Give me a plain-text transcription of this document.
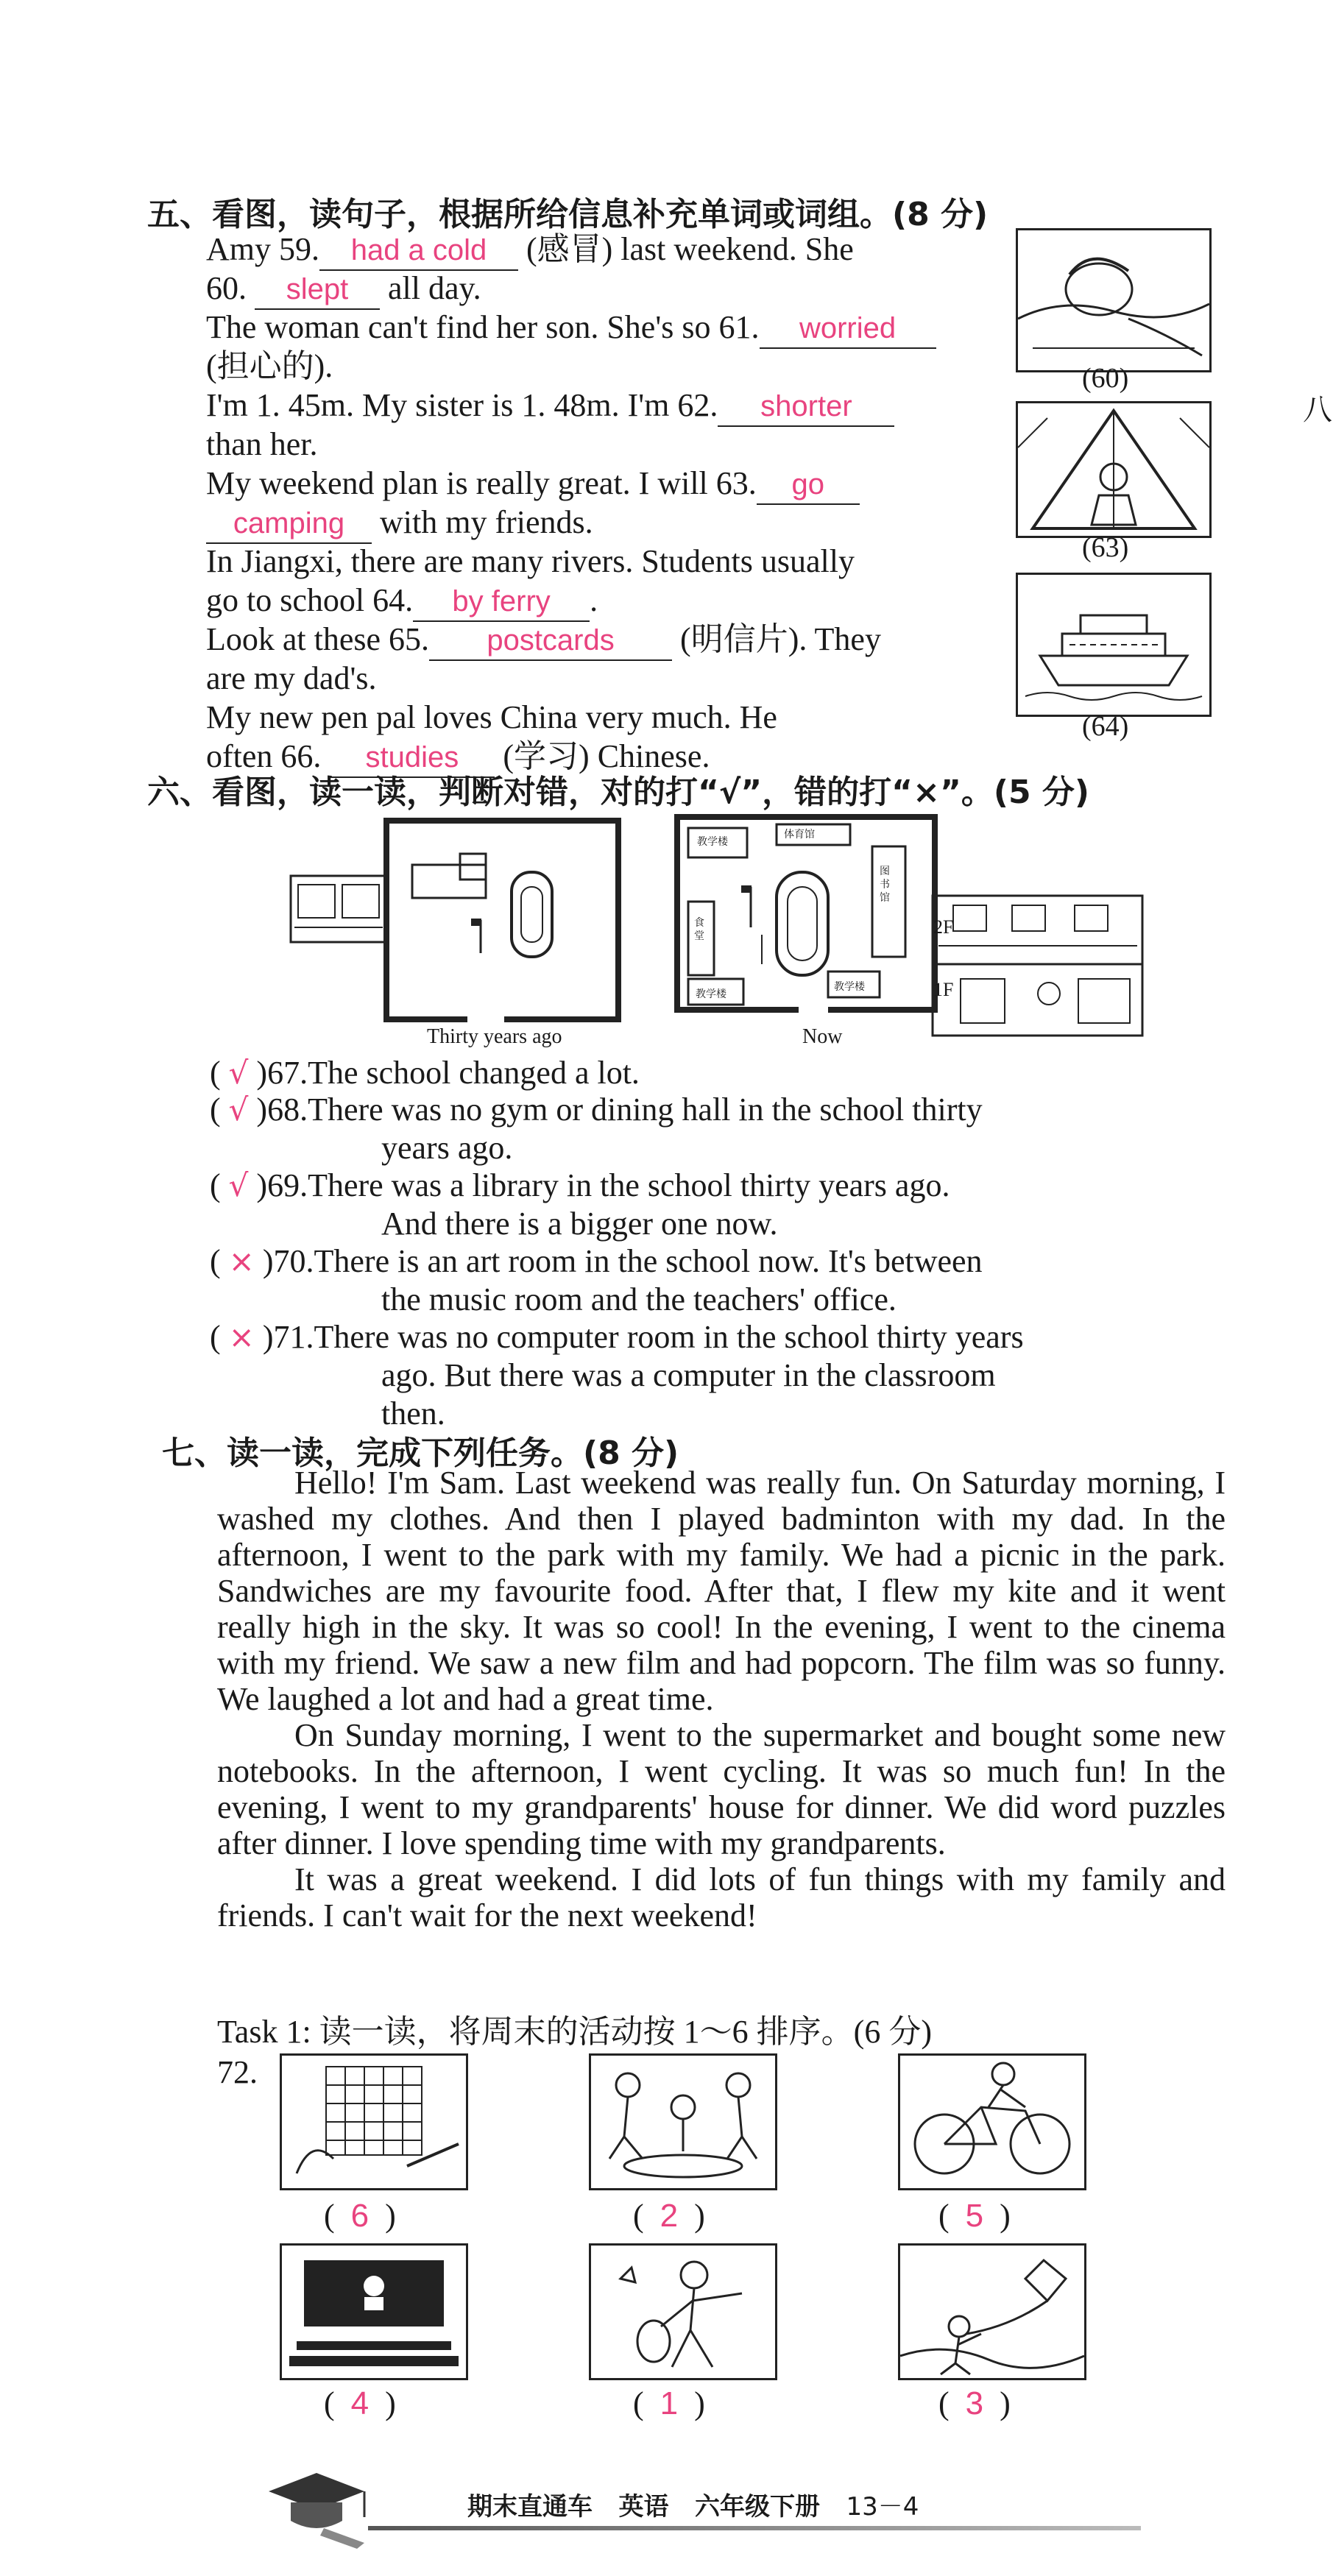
五、看图，读句子，根据所给信息补充单词或词组。(8 分)
Amy 59. had a cold (感冒) last weekend. She
60. slept all day.
The woman can't find her son. She's so 61. worried
(担心的).
I'm 1. 45m. My sister is 1. 48m. I'm 62. shorter
than her.
My weekend plan is really great. I will 63. go
camping with my friends.
In Jiangxi, there are many rivers. Students usually
go to school 64. by ferry .
Look at these 65. postcards (明信片). They
are my dad's.
My new pen pal loves China very much. He
often 66. studies (学习) Chinese.
(60)
(63)
(64)
八
六、看图，读一读，判断对错，对的打“√”，错的打“×”。(5 分)
Thirty years ago
教学楼
体育馆
图书馆
食堂
教学楼
教学楼
Now
2F
1F
( √ )67.The school changed a lot.
( √ )68.There was no gym or dining hall in the school thirty
years ago.
( √ )69.There was a library in the school thirty years ago.
And there is a bigger one now.
( × )70.There is an art room in the school now. It's between
the music room and the teachers' office.
( × )71.There was no computer room in the school thirty years
ago. But there was a computer in the classroom
then.
七、读一读，完成下列任务。(8 分)

Hello! I'm Sam. Last weekend was really fun. On Saturday morning, I washed my clothes. And then I played badminton with my dad. In the afternoon, I went to the park with my family. We had a picnic in the park. Sandwiches are my favourite food. After that, I flew my kite and it went really high in the sky. It was so cool! In the evening, I went to the cinema with my friend. We saw a new film and had popcorn. The film was so funny. We laughed a lot and had a great time.

On Sunday morning, I went to the supermarket and bought some new notebooks. In the afternoon, I went cycling. It was so much fun! In the evening, I went to my grandparents' house for dinner. We did word puzzles after dinner. I love spending time with my grandparents.

It was a great weekend. I did lots of fun things with my family and friends. I can't wait for the next weekend!

Task 1: 读一读，将周末的活动按 1～6 排序。(6 分)
72.
( 6 )	( 2 )	( 5 )
( 4 )	( 1 )	( 3 )
期末直通车 英语 六年级下册 13－4
